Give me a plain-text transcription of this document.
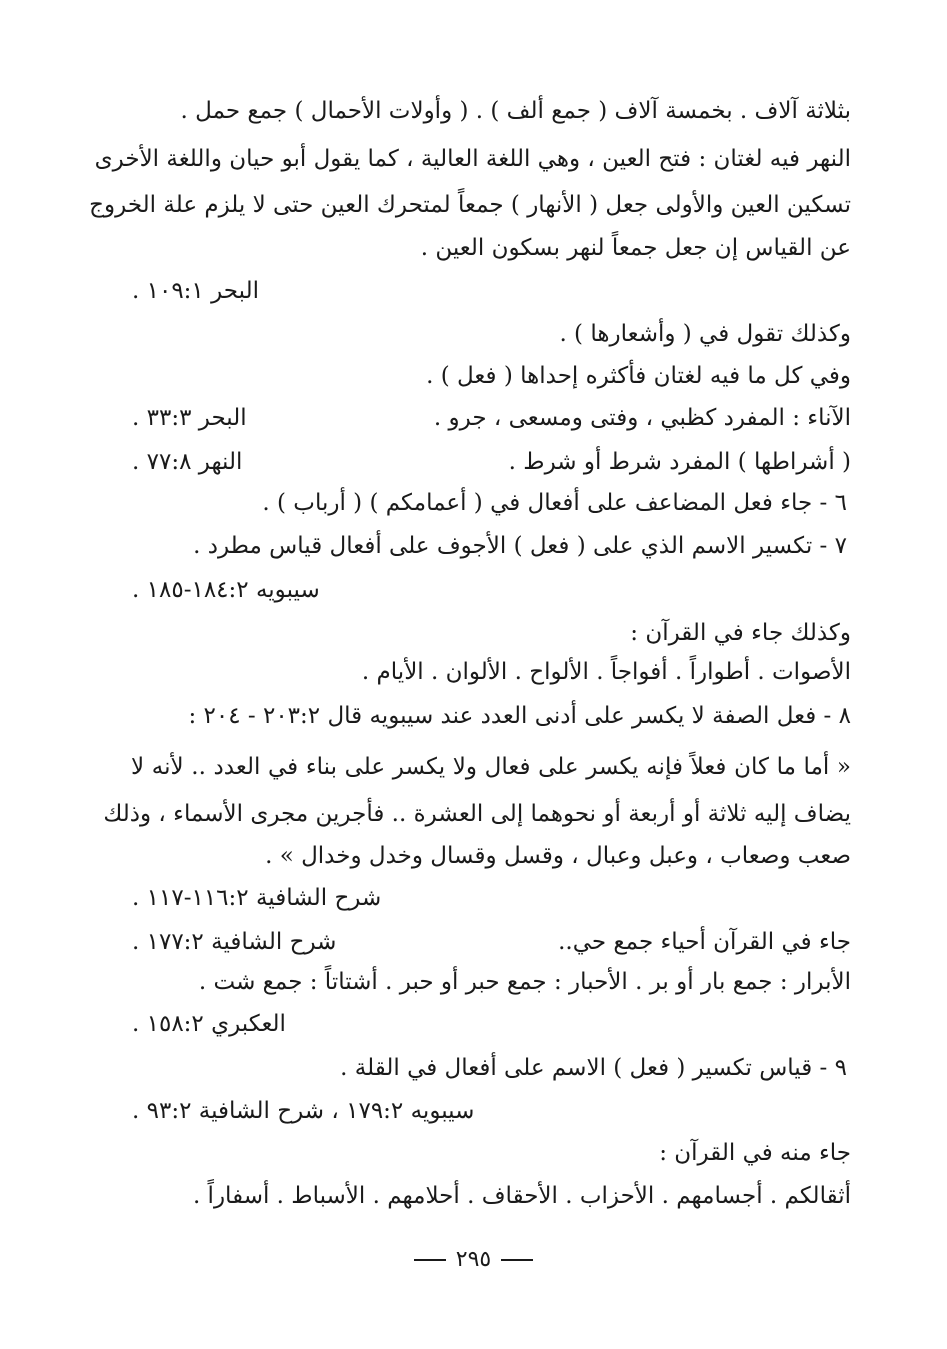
بثلاثة آلاف . بخمسة آلاف ( جمع ألف ) . ( وأولات الأحمال ) جمع حمل .
النهر فيه لغتان : فتح العين ، وهي اللغة العالية ، كما يقول أبو حيان واللغة الأخرى
تسكين العين والأولى جعل ( الأنهار ) جمعاً لمتحرك العين حتى لا يلزم علة الخروج
عن القياس إن جعل جمعاً لنهر بسكون العين .
البحر ١٠٩:١ .
وكذلك تقول في ( وأشعارها ) .
وفي كل ما فيه لغتان فأكثره إحداها ( فعل ) .
الآناء : المفرد كظبي ، وفتى ومسعى ، جرو .
البحر ٣٣:٣ .
( أشراطها ) المفرد شرط أو شرط .
النهر ٧٧:٨ .
٦ - جاء فعل المضاعف على أفعال في ( أعمامكم ) ( أرباب ) .
٧ - تكسير الاسم الذي على ( فعل ) الأجوف على أفعال قياس مطرد .
سيبويه ١٨٤:٢-١٨٥ .
وكذلك جاء في القرآن :
الأصوات . أطواراً . أفواجاً . الألواح . الألوان . الأيام .
٨ - فعل الصفة لا يكسر على أدنى العدد عند سيبويه قال ٢٠٣:٢ - ٢٠٤ :
« أما ما كان فعلاً فإنه يكسر على فعال ولا يكسر على بناء في العدد .. لأنه لا
يضاف إليه ثلاثة أو أربعة أو نحوهما إلى العشرة .. فأجرين مجرى الأسماء ، وذلك
صعب وصعاب ، وعبل وعبال ، وقسل وقسال وخدل وخدال » .
شرح الشافية ١١٦:٢-١١٧ .
جاء في القرآن أحياء جمع حي..
شرح الشافية ١٧٧:٢ .
الأبرار : جمع بار أو بر . الأحبار : جمع حبر أو حبر . أشتاتاً : جمع شت .
العكبري ١٥٨:٢ .
٩ - قياس تكسير ( فعل ) الاسم على أفعال في القلة .
سيبويه ١٧٩:٢ ، شرح الشافية ٩٣:٢ .
جاء منه في القرآن :
أثقالكم . أجسامهم . الأحزاب . الأحقاف . أحلامهم . الأسباط . أسفاراً .
٢٩٥
